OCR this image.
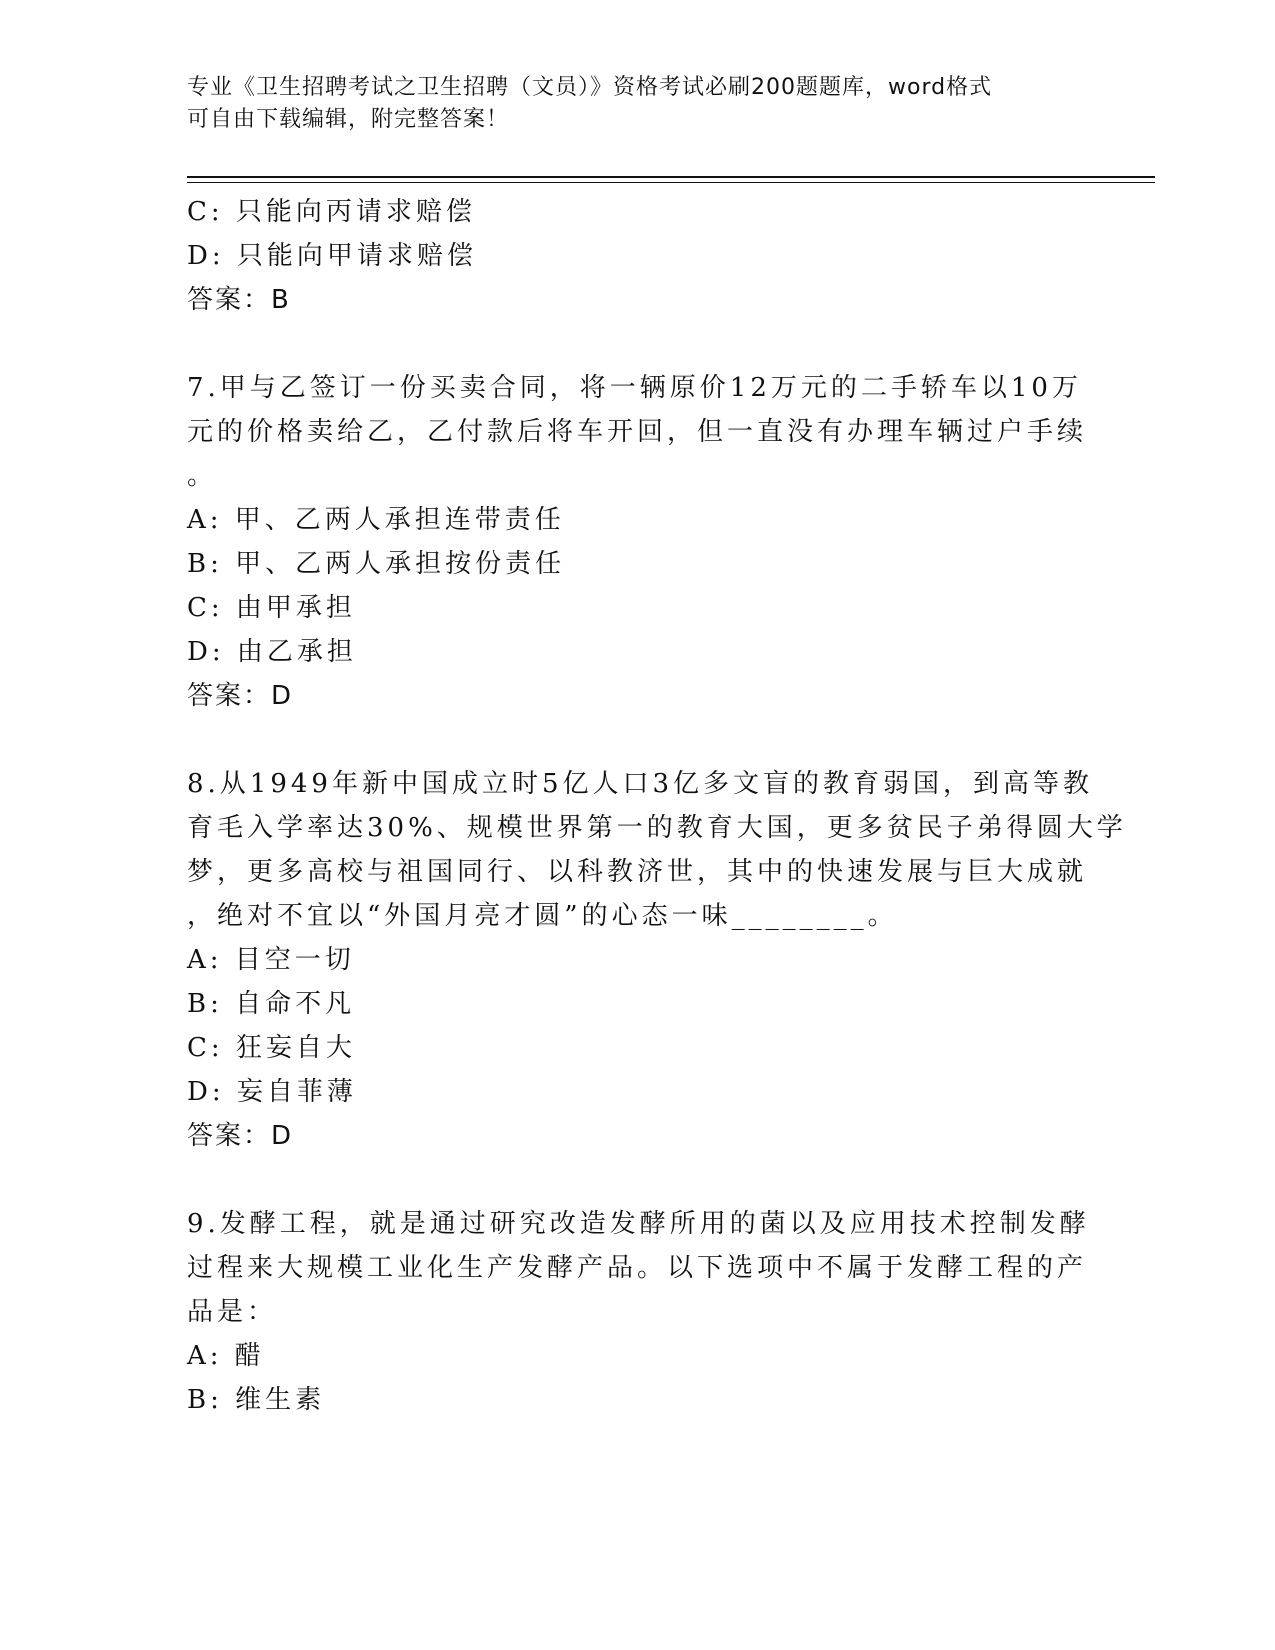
专业《卫生招聘考试之卫生招聘（文员）》资格考试必刷200题题库，word格式

可自由下载编辑，附完整答案！

C: 只能向丙请求赔偿
D: 只能向甲请求赔偿
答案：B
7.甲与乙签订一份买卖合同，将一辆原价12万元的二手轿车以10万
元的价格卖给乙，乙付款后将车开回，但一直没有办理车辆过户手续
。
A: 甲、乙两人承担连带责任
B: 甲、乙两人承担按份责任
C: 由甲承担
D: 由乙承担
答案：D
8.从1949年新中国成立时5亿人口3亿多文盲的教育弱国，到高等教
育毛入学率达30%、规模世界第一的教育大国，更多贫民子弟得圆大学
梦，更多高校与祖国同行、以科教济世，其中的快速发展与巨大成就
，绝对不宜以“外国月亮才圆”的心态一味________。
A: 目空一切
B: 自命不凡
C: 狂妄自大
D: 妄自菲薄
答案：D
9.发酵工程，就是通过研究改造发酵所用的菌以及应用技术控制发酵
过程来大规模工业化生产发酵产品。以下选项中不属于发酵工程的产
品是：
A: 醋
B: 维生素
